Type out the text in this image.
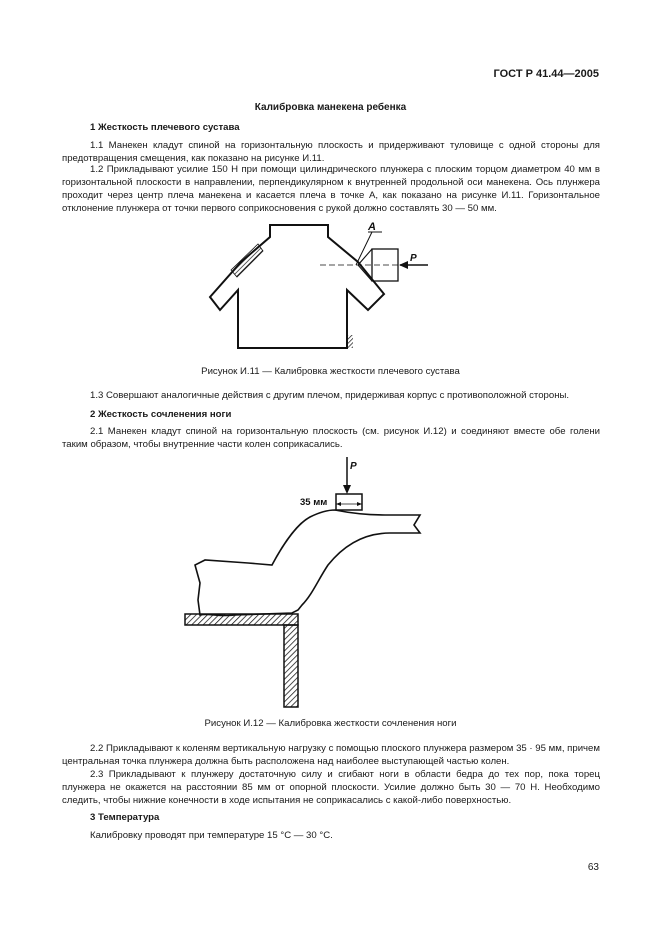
ГОСТ Р 41.44—2005
Калибровка манекена ребенка
1 Жесткость плечевого сустава
1.1 Манекен кладут спиной на горизонтальную плоскость и придерживают туловище с одной стороны для предотвращения смещения, как показано на рисунке И.11.
1.2 Прикладывают усилие 150 Н при помощи цилиндрического плунжера с плоским торцом диаметром 40 мм в горизонтальной плоскости в направлении, перпендикулярном к внутренней продольной оси манекена. Ось плунжера проходит через центр плеча манекена и касается плеча в точке А, как показано на рисунке И.11. Горизонтальное отклонение плунжера от точки первого соприкосновения с рукой должно составлять 30 — 50 мм.
P
А
Рисунок И.11 — Калибровка жесткости плечевого сустава
1.3 Совершают аналогичные действия с другим плечом, придерживая корпус с противоположной стороны.
2 Жесткость сочленения ноги
2.1 Манекен кладут спиной на горизонтальную плоскость (см. рисунок И.12) и соединяют вместе обе голени таким образом, чтобы внутренние части колен соприкасались.
P
35 мм
Рисунок И.12 — Калибровка жесткости сочленения ноги
2.2 Прикладывают к коленям вертикальную нагрузку с помощью плоского плунжера размером 35 · 95 мм, причем центральная точка плунжера должна быть расположена над наиболее выступающей частью колен.
2.3 Прикладывают к плунжеру достаточную силу и сгибают ноги в области бедра до тех пор, пока торец плунжера не окажется на расстоянии 85 мм от опорной плоскости. Усилие должно быть 30 — 70 Н. Необходимо следить, чтобы нижние конечности в ходе испытания не соприкасались с какой-либо поверхностью.
3 Температура
Калибровку проводят при температуре 15 °С — 30 °С.
63
